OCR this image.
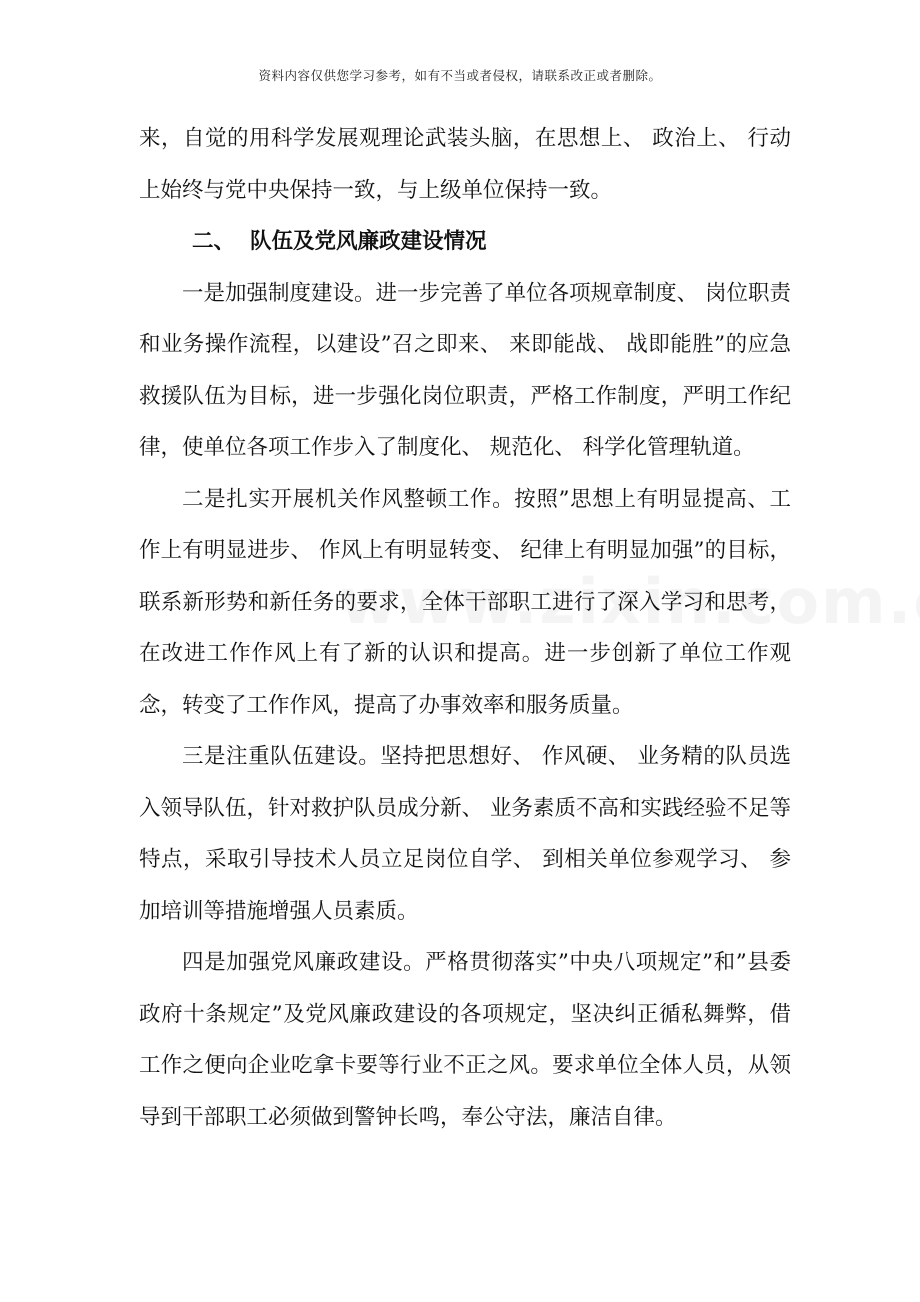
资料内容仅供您学习参考，如有不当或者侵权，请联系改正或者删除。

来，自觉的用科学发展观理论武装头脑，在思想上、 政治上、 行动上始终与党中央保持一致，与上级单位保持一致。

二、 队伍及党风廉政建设情况

一是加强制度建设。进一步完善了单位各项规章制度、 岗位职责和业务操作流程，以建设”召之即来、 来即能战、 战即能胜”的应急救援队伍为目标，进一步强化岗位职责，严格工作制度，严明工作纪律，使单位各项工作步入了制度化、 规范化、 科学化管理轨道。

二是扎实开展机关作风整顿工作。按照”思想上有明显提高、工作上有明显进步、 作风上有明显转变、 纪律上有明显加强”的目标，联系新形势和新任务的要求，全体干部职工进行了深入学习和思考，在改进工作作风上有了新的认识和提高。进一步创新了单位工作观念，转变了工作作风，提高了办事效率和服务质量。

三是注重队伍建设。坚持把思想好、 作风硬、 业务精的队员选入领导队伍，针对救护队员成分新、 业务素质不高和实践经验不足等特点，采取引导技术人员立足岗位自学、 到相关单位参观学习、 参加培训等措施增强人员素质。

四是加强党风廉政建设。严格贯彻落实”中央八项规定”和”县委政府十条规定”及党风廉政建设的各项规定，坚决纠正循私舞弊，借工作之便向企业吃拿卡要等行业不正之风。要求单位全体人员，从领导到干部职工必须做到警钟长鸣，奉公守法，廉洁自律。
